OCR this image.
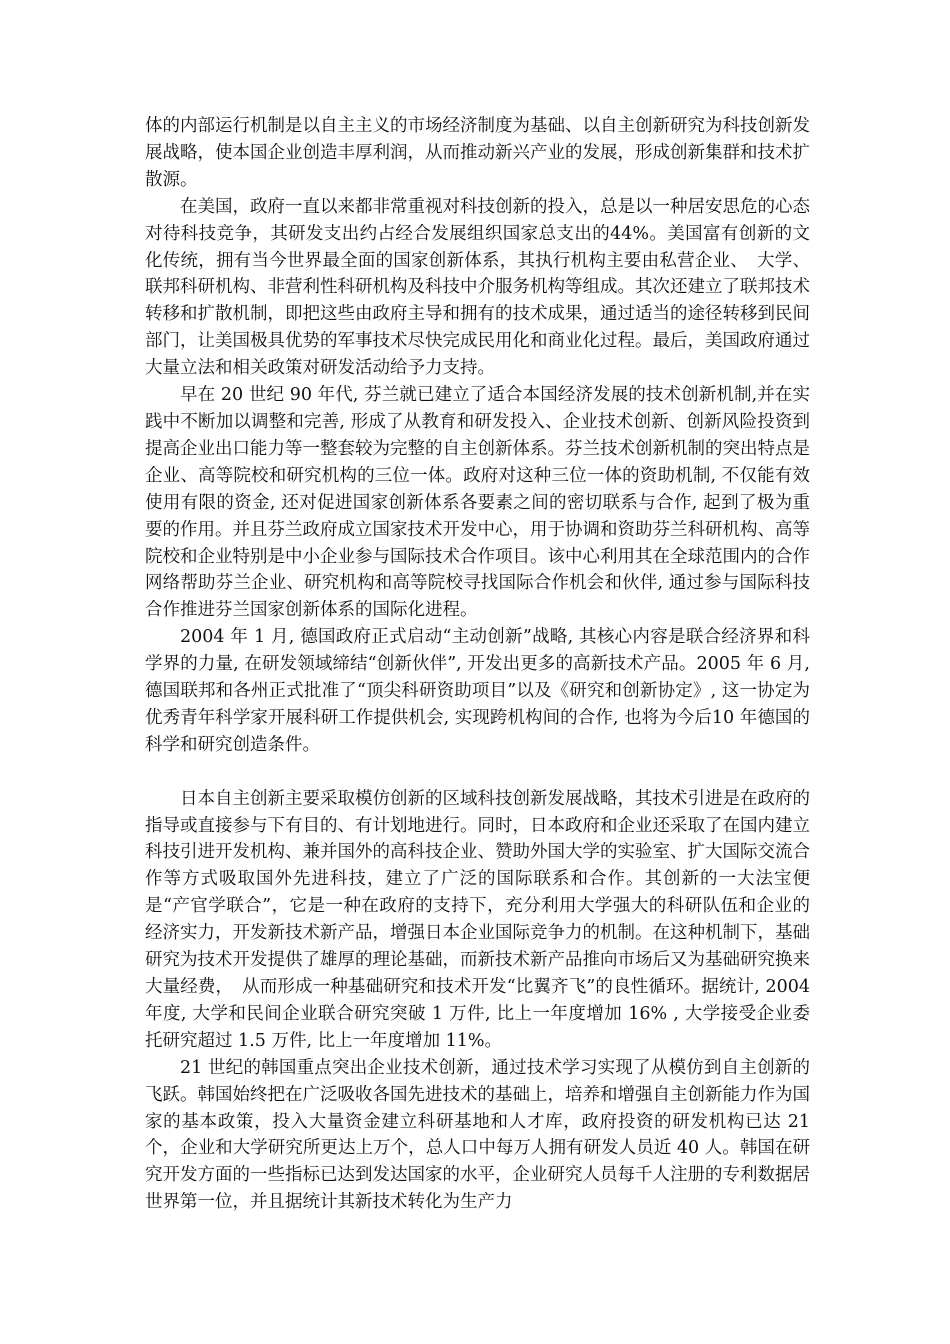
体的内部运行机制是以自主主义的市场经济制度为基础、以自主创新研究为科技创新发展战略，使本国企业创造丰厚利润，从而推动新兴产业的发展，形成创新集群和技术扩散源。

在美国，政府一直以来都非常重视对科技创新的投入，总是以一种居安思危的心态对待科技竞争，其研发支出约占经合发展组织国家总支出的44%。美国富有创新的文化传统，拥有当今世界最全面的国家创新体系，其执行机构主要由私营企业、　大学、联邦科研机构、非营利性科研机构及科技中介服务机构等组成。其次还建立了联邦技术转移和扩散机制，即把这些由政府主导和拥有的技术成果，通过适当的途径转移到民间部门，让美国极具优势的军事技术尽快完成民用化和商业化过程。最后，美国政府通过大量立法和相关政策对研发活动给予力支持。

早在 20 世纪 90 年代, 芬兰就已建立了适合本国经济发展的技术创新机制,并在实践中不断加以调整和完善, 形成了从教育和研发投入、企业技术创新、创新风险投资到提高企业出口能力等一整套较为完整的自主创新体系。芬兰技术创新机制的突出特点是企业、高等院校和研究机构的三位一体。政府对这种三位一体的资助机制, 不仅能有效使用有限的资金, 还对促进国家创新体系各要素之间的密切联系与合作, 起到了极为重要的作用。并且芬兰政府成立国家技术开发中心，用于协调和资助芬兰科研机构、高等院校和企业特别是中小企业参与国际技术合作项目。该中心利用其在全球范围内的合作网络帮助芬兰企业、研究机构和高等院校寻找国际合作机会和伙伴, 通过参与国际科技合作推进芬兰国家创新体系的国际化进程。

2004 年 1 月, 德国政府正式启动“主动创新”战略, 其核心内容是联合经济界和科学界的力量, 在研发领域缔结“创新伙伴”, 开发出更多的高新技术产品。2005 年 6 月, 德国联邦和各州正式批准了“顶尖科研资助项目”以及《研究和创新协定》, 这一协定为优秀青年科学家开展科研工作提供机会, 实现跨机构间的合作, 也将为今后10 年德国的科学和研究创造条件。

日本自主创新主要采取模仿创新的区域科技创新发展战略，其技术引进是在政府的指导或直接参与下有目的、有计划地进行。同时，日本政府和企业还采取了在国内建立科技引进开发机构、兼并国外的高科技企业、赞助外国大学的实验室、扩大国际交流合作等方式吸取国外先进科技，建立了广泛的国际联系和合作。其创新的一大法宝便是“产官学联合”，它是一种在政府的支持下，充分利用大学强大的科研队伍和企业的经济实力，开发新技术新产品，增强日本企业国际竞争力的机制。在这种机制下，基础研究为技术开发提供了雄厚的理论基础，而新技术新产品推向市场后又为基础研究换来大量经费，　从而形成一种基础研究和技术开发“比翼齐飞”的良性循环。据统计, 2004 年度, 大学和民间企业联合研究突破 1 万件, 比上一年度增加 16% , 大学接受企业委托研究超过 1.5 万件, 比上一年度增加 11%。

21 世纪的韩国重点突出企业技术创新，通过技术学习实现了从模仿到自主创新的飞跃。韩国始终把在广泛吸收各国先进技术的基础上，培养和增强自主创新能力作为国家的基本政策，投入大量资金建立科研基地和人才库，政府投资的研发机构已达 21 个，企业和大学研究所更达上万个，总人口中每万人拥有研发人员近 40 人。韩国在研究开发方面的一些指标已达到发达国家的水平，企业研究人员每千人注册的专利数据居世界第一位，并且据统计其新技术转化为生产力
